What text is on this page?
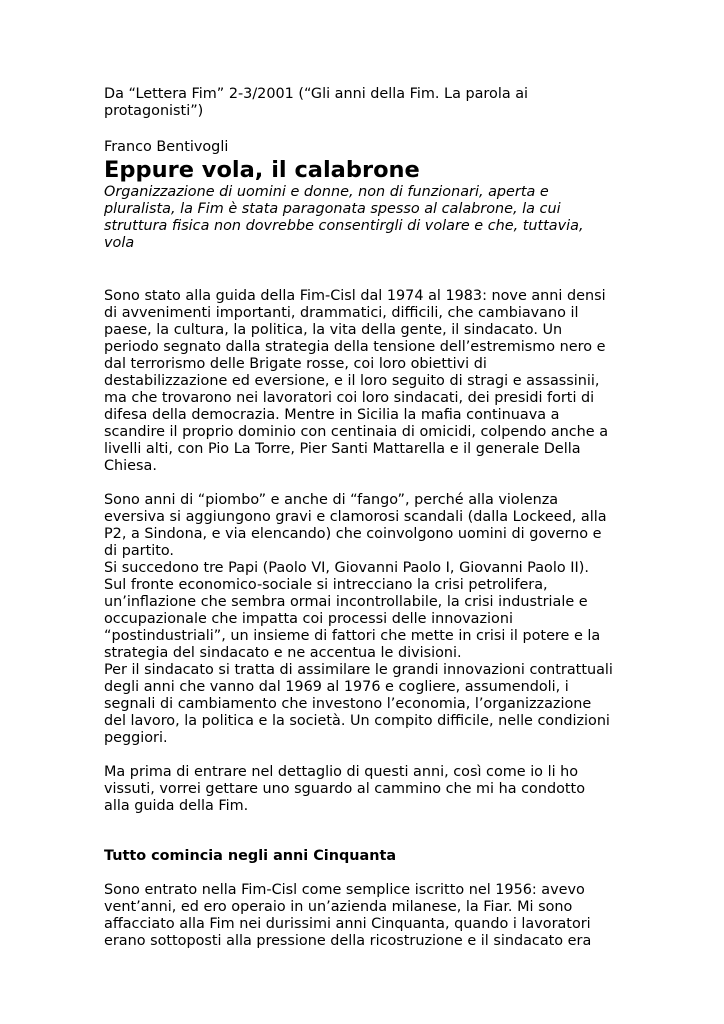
Da “Lettera Fim” 2-3/2001 (“Gli anni della Fim. La parola ai

protagonisti”)

Franco Bentivogli

Eppure vola, il calabrone

Organizzazione di uomini e donne, non di funzionari, aperta e

pluralista, la Fim è stata paragonata spesso al calabrone, la cui

struttura fisica non dovrebbe consentirgli di volare e che, tuttavia,

vola

Sono stato alla guida della Fim-Cisl dal 1974 al 1983: nove anni densi

di avvenimenti importanti, drammatici, difficili, che cambiavano il

paese, la cultura, la politica, la vita della gente, il sindacato. Un

periodo segnato dalla strategia della tensione dell’estremismo nero e

dal terrorismo delle Brigate rosse, coi loro obiettivi di

destabilizzazione ed eversione, e il loro seguito di stragi e assassinii,

ma che trovarono nei lavoratori coi loro sindacati, dei presidi forti di

difesa della democrazia. Mentre in Sicilia la mafia continuava a

scandire il proprio dominio con centinaia di omicidi, colpendo anche a

livelli alti, con Pio La Torre, Pier Santi Mattarella e il generale Della

Chiesa.

Sono anni di “piombo” e anche di “fango”, perché alla violenza

eversiva si aggiungono gravi e clamorosi scandali (dalla Lockeed, alla

P2, a Sindona, e via elencando) che coinvolgono uomini di governo e

di partito.

Si succedono tre Papi (Paolo VI, Giovanni Paolo I, Giovanni Paolo II).

Sul fronte economico-sociale si intrecciano la crisi petrolifera,

un’inflazione che sembra ormai incontrollabile, la crisi industriale e

occupazionale che impatta coi processi delle innovazioni

“postindustriali”, un insieme di fattori che mette in crisi il potere e la

strategia del sindacato e ne accentua le divisioni.

Per il sindacato si tratta di assimilare le grandi innovazioni contrattuali

degli anni che vanno dal 1969 al 1976 e cogliere, assumendoli, i

segnali di cambiamento che investono l’economia, l’organizzazione

del lavoro, la politica e la società. Un compito difficile, nelle condizioni

peggiori.

Ma prima di entrare nel dettaglio di questi anni, così come io li ho

vissuti, vorrei gettare uno sguardo al cammino che mi ha condotto

alla guida della Fim.

Tutto comincia negli anni Cinquanta

Sono entrato nella Fim-Cisl come semplice iscritto nel 1956: avevo

vent’anni, ed ero operaio in un’azienda milanese, la Fiar. Mi sono

affacciato alla Fim nei durissimi anni Cinquanta, quando i lavoratori

erano sottoposti alla pressione della ricostruzione e il sindacato era
